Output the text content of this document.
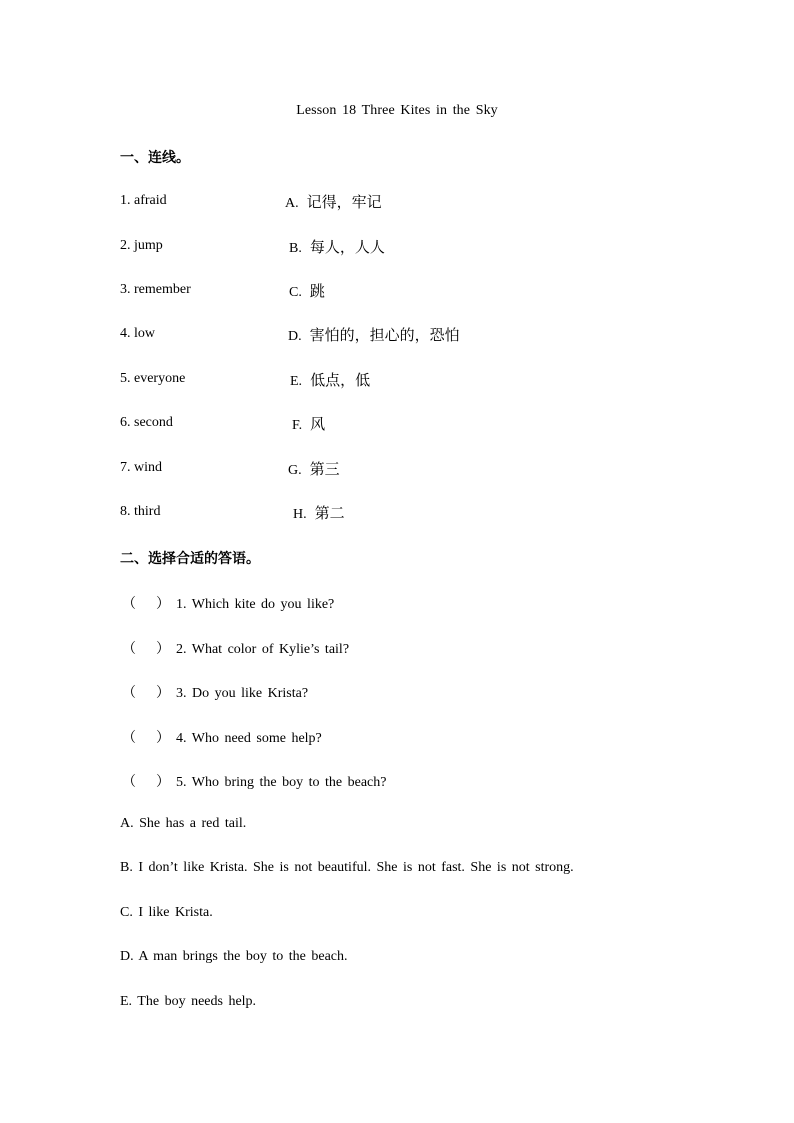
Lesson 18 Three Kites in the Sky
一、连线。
1. afraid	A. 记得，牢记
2. jump	B. 每人，人人
3. remember	C. 跳
4. low	D. 害怕的，担心的，恐怕
5. everyone	E. 低点，低
6. second	F. 风
7. wind	G. 第三
8. third	H. 第二
二、选择合适的答语。
（ ） 1. Which kite do you like?
（ ） 2. What color of Kylie’s tail?
（ ） 3. Do you like Krista?
（ ） 4. Who need some help?
（ ） 5. Who bring the boy to the beach?
A. She has a red tail.
B. I don’t like Krista. She is not beautiful. She is not fast. She is not strong.
C. I like Krista.
D. A man brings the boy to the beach.
E. The boy needs help.
